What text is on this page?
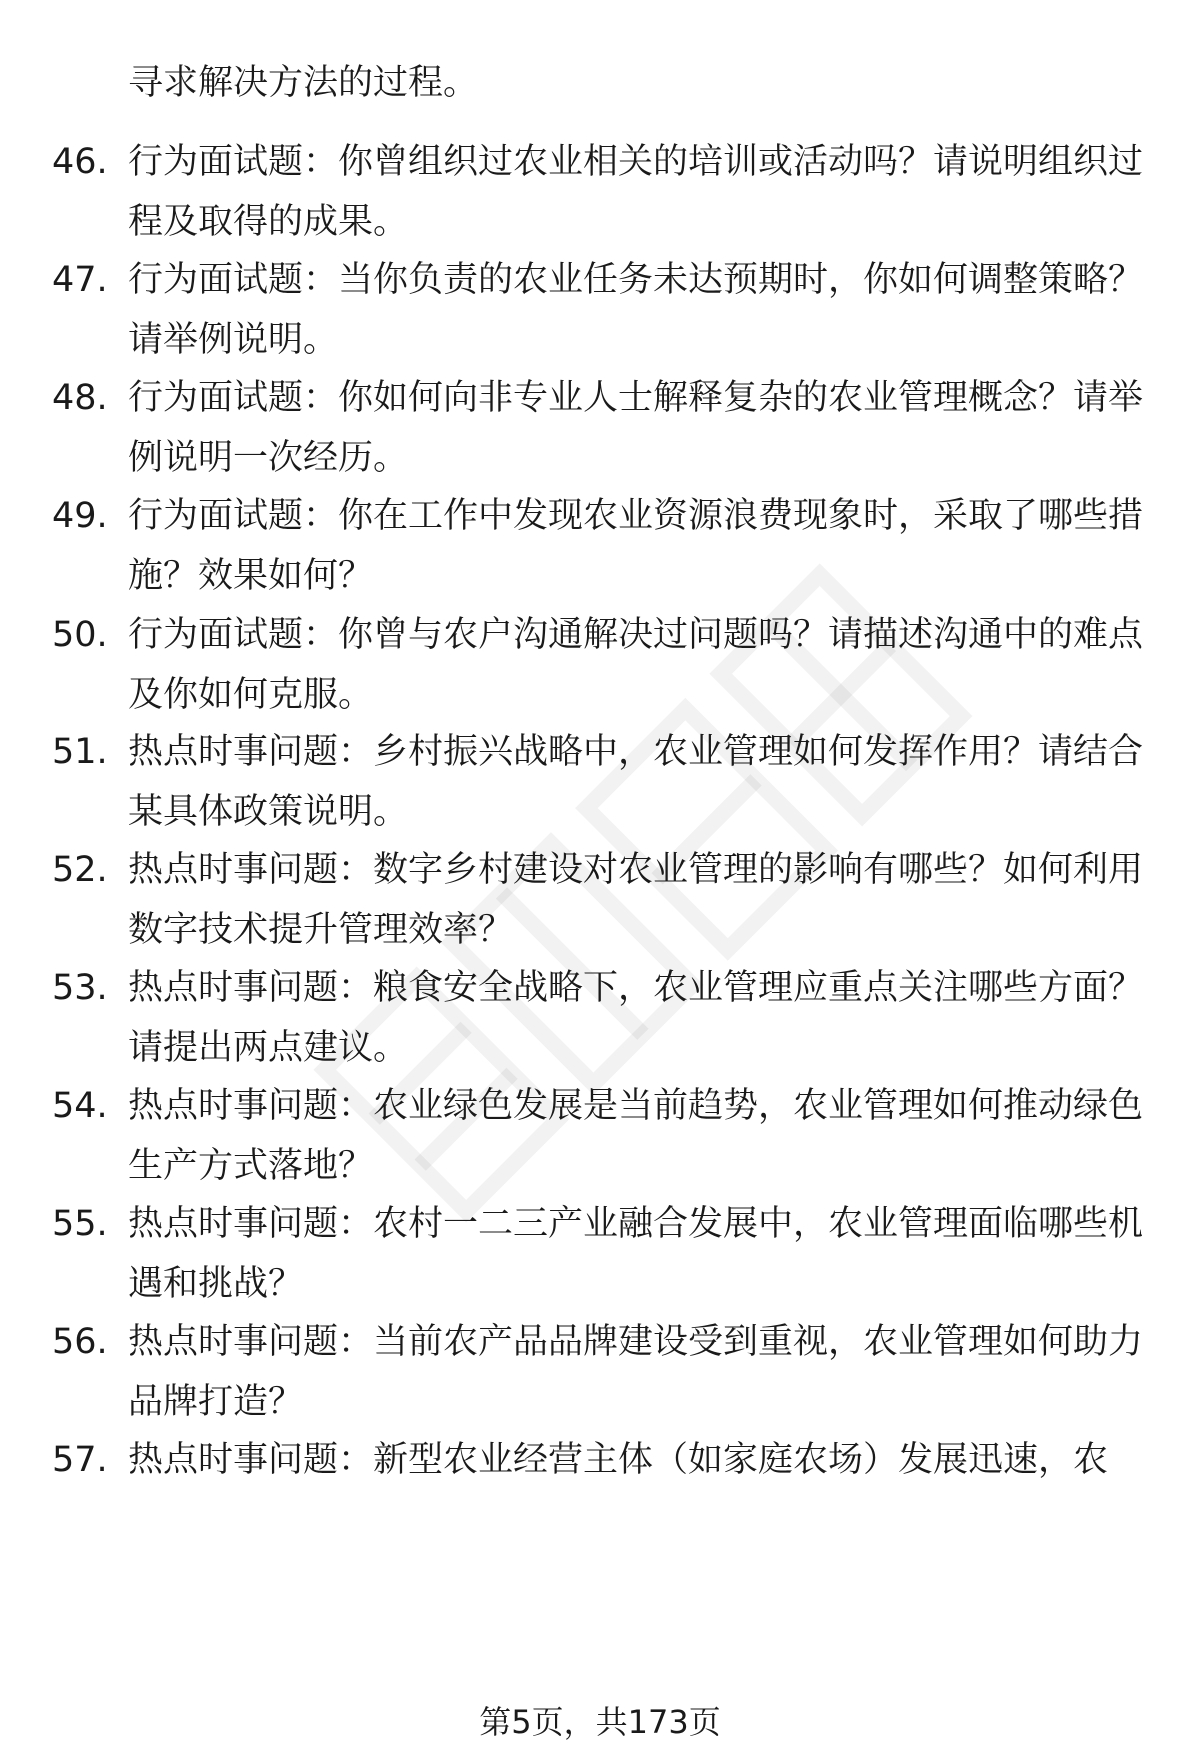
寻求解决方法的过程。
46. 行为面试题：你曾组织过农业相关的培训或活动吗？请说明组织过程及取得的成果。
47. 行为面试题：当你负责的农业任务未达预期时，你如何调整策略？请举例说明。
48. 行为面试题：你如何向非专业人士解释复杂的农业管理概念？请举例说明一次经历。
49. 行为面试题：你在工作中发现农业资源浪费现象时，采取了哪些措施？效果如何？
50. 行为面试题：你曾与农户沟通解决过问题吗？请描述沟通中的难点及你如何克服。
51. 热点时事问题：乡村振兴战略中，农业管理如何发挥作用？请结合某具体政策说明。
52. 热点时事问题：数字乡村建设对农业管理的影响有哪些？如何利用数字技术提升管理效率？
53. 热点时事问题：粮食安全战略下，农业管理应重点关注哪些方面？请提出两点建议。
54. 热点时事问题：农业绿色发展是当前趋势，农业管理如何推动绿色生产方式落地？
55. 热点时事问题：农村一二三产业融合发展中，农业管理面临哪些机遇和挑战？
56. 热点时事问题：当前农产品品牌建设受到重视，农业管理如何助力品牌打造？
57. 热点时事问题：新型农业经营主体（如家庭农场）发展迅速，农
第5页，共173页
